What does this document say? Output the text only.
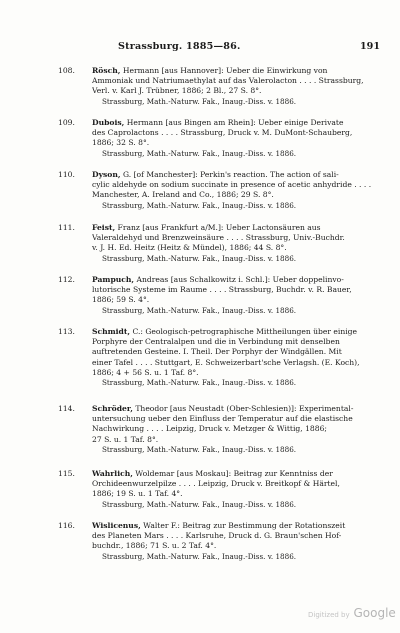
Strassburg. 1885—86.	191
108.	Rösch, Hermann [aus Hannover]: Ueber die Einwirkung von
Ammoniak und Natriumaethylat auf das Valerolacton . . . . Strassburg,
Verl. v. Karl J. Trübner, 1886; 2 Bl., 27 S. 8°.
Strassburg, Math.-Naturw. Fak., Inaug.-Diss. v. 1886.
109.	Dubois, Hermann [aus Bingen am Rhein]: Ueber einige Derivate
des Caprolactons . . . . Strassburg, Druck v. M. DuMont-Schauberg,
1886; 32 S. 8°.
Strassburg, Math.-Naturw. Fak., Inaug.-Diss. v. 1886.
110.	Dyson, G. [of Manchester]: Perkin's reaction. The action of sali-
cylic aldehyde on sodium succinate in presence of acetic anhydride . . . .
Manchester, A. Ireland and Co., 1886; 29 S. 8°.
Strassburg, Math.-Naturw. Fak., Inaug.-Diss. v. 1886.
111.	Feist, Franz [aus Frankfurt a/M.]: Ueber Lactonsäuren aus
Valeraldehyd und Brenzweinsäure . . . . Strassburg, Univ.-Buchdr.
v. J. H. Ed. Heitz (Heitz & Mündel), 1886; 44 S. 8°.
Strassburg, Math.-Naturw. Fak., Inaug.-Diss. v. 1886.
112.	Pampuch, Andreas [aus Schalkowitz i. Schl.]: Ueber doppelinvo-
lutorische Systeme im Raume . . . . Strassburg, Buchdr. v. R. Bauer,
1886; 59 S. 4°.
Strassburg, Math.-Naturw. Fak., Inaug.-Diss. v. 1886.
113.	Schmidt, C.: Geologisch-petrographische Mittheilungen über einige
Porphyre der Centralalpen und die in Verbindung mit denselben
auftretenden Gesteine. I. Theil. Der Porphyr der Windgällen. Mit
einer Tafel . . . . Stuttgart, E. Schweizerbart'sche Verlagsh. (E. Koch),
1886; 4 + 56 S. u. 1 Taf. 8°.
Strassburg, Math.-Naturw. Fak., Inaug.-Diss. v. 1886.
114.	Schröder, Theodor [aus Neustadt (Ober-Schlesien)]: Experimental-
untersuchung ueber den Einfluss der Temperatur auf die elastische
Nachwirkung . . . . Leipzig, Druck v. Metzger & Wittig, 1886;
27 S. u. 1 Taf. 8°.
Strassburg, Math.-Naturw. Fak., Inaug.-Diss. v. 1886.
115.	Wahrlich, Woldemar [aus Moskau]: Beitrag zur Kenntniss der
Orchideenwurzelpilze . . . . Leipzig, Druck v. Breitkopf & Härtel,
1886; 19 S. u. 1 Taf. 4°.
Strassburg, Math.-Naturw. Fak., Inaug.-Diss. v. 1886.
116.	Wislicenus, Walter F.: Beitrag zur Bestimmung der Rotationszeit
des Planeten Mars . . . . Karlsruhe, Druck d. G. Braun'schen Hof-
buchdr., 1886; 71 S. u. 2 Taf. 4°.
Strassburg, Math.-Naturw. Fak., Inaug.-Diss. v. 1886.
Digitized by Google
